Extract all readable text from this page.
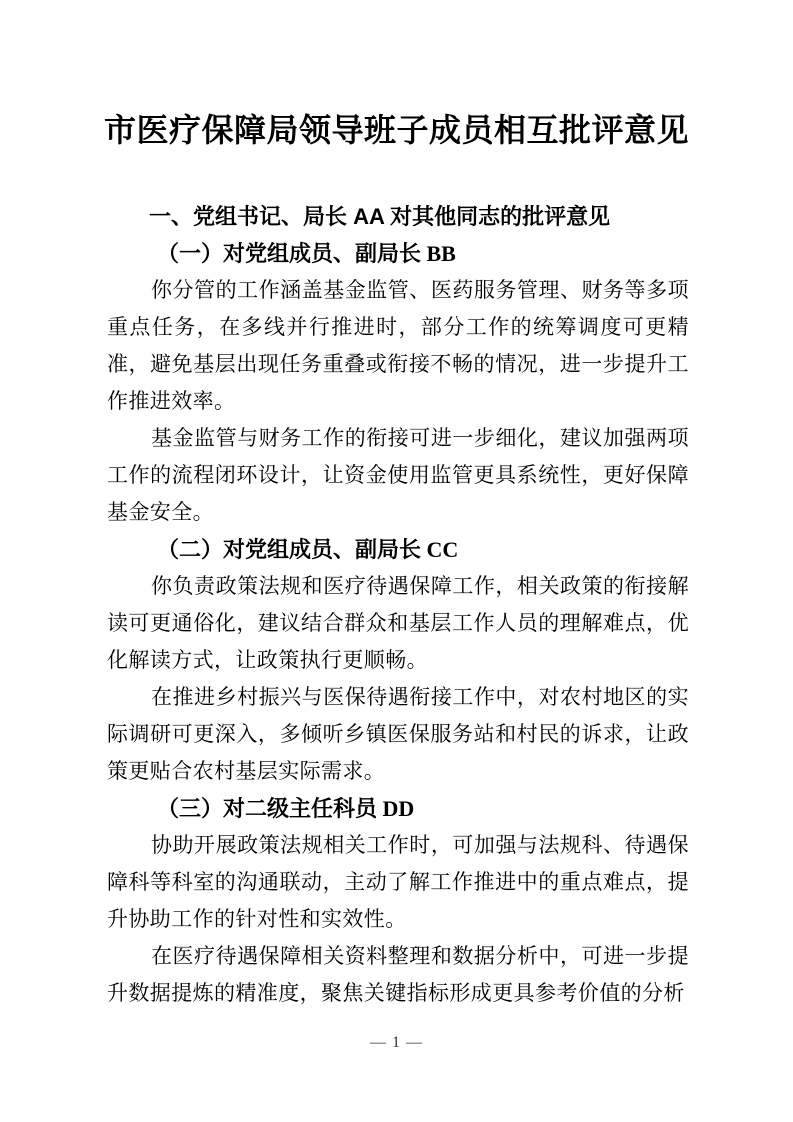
市医疗保障局领导班子成员相互批评意见

一、党组书记、局长 AA 对其他同志的批评意见

（一）对党组成员、副局长 BB

你分管的工作涵盖基金监管、医药服务管理、财务等多项重点任务，在多线并行推进时，部分工作的统筹调度可更精准，避免基层出现任务重叠或衔接不畅的情况，进一步提升工作推进效率。

基金监管与财务工作的衔接可进一步细化，建议加强两项工作的流程闭环设计，让资金使用监管更具系统性，更好保障基金安全。

（二）对党组成员、副局长 CC

你负责政策法规和医疗待遇保障工作，相关政策的衔接解读可更通俗化，建议结合群众和基层工作人员的理解难点，优化解读方式，让政策执行更顺畅。

在推进乡村振兴与医保待遇衔接工作中，对农村地区的实际调研可更深入，多倾听乡镇医保服务站和村民的诉求，让政策更贴合农村基层实际需求。

（三）对二级主任科员 DD

协助开展政策法规相关工作时，可加强与法规科、待遇保障科等科室的沟通联动，主动了解工作推进中的重点难点，提升协助工作的针对性和实效性。

在医疗待遇保障相关资料整理和数据分析中，可进一步提升数据提炼的精准度，聚焦关键指标形成更具参考价值的分析

— 1 —
